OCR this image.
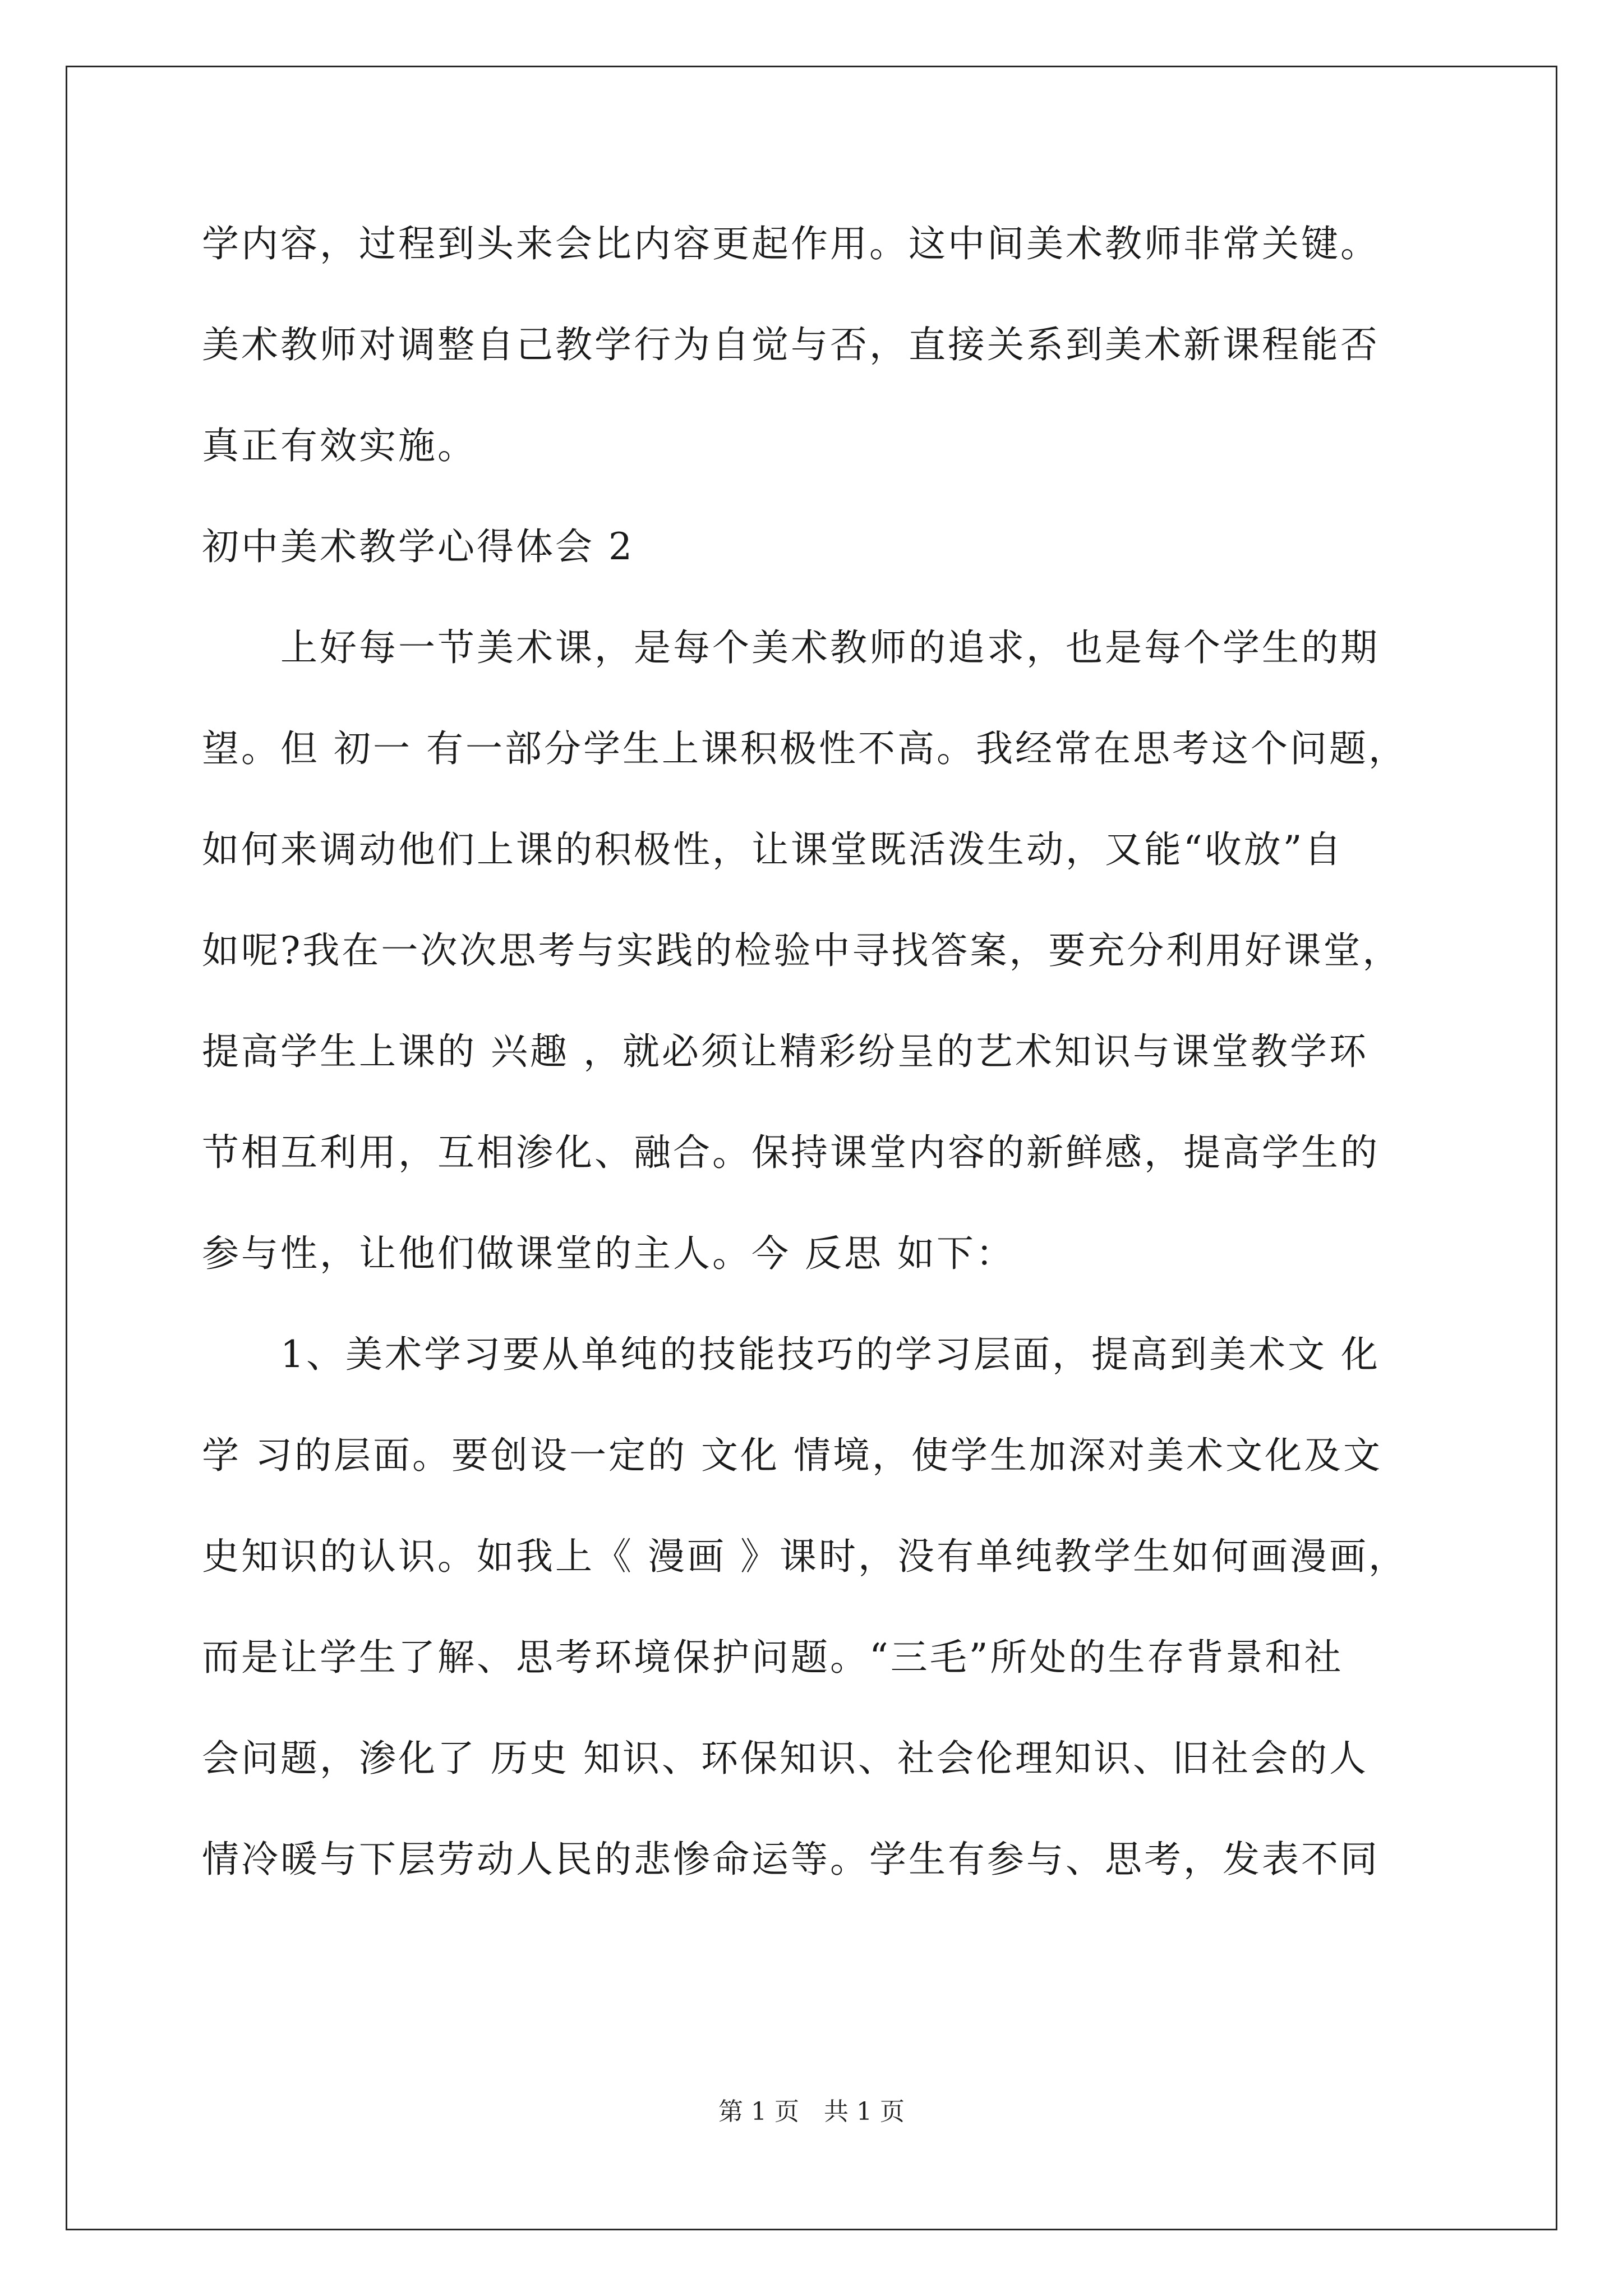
学内容，过程到头来会比内容更起作用。这中间美术教师非常关键。
美术教师对调整自己教学行为自觉与否，直接关系到美术新课程能否
真正有效实施。
初中美术教学心得体会 2
　　上好每一节美术课，是每个美术教师的追求，也是每个学生的期
望。但 初一 有一部分学生上课积极性不高。我经常在思考这个问题，
如何来调动他们上课的积极性，让课堂既活泼生动，又能“收放”自
如呢?我在一次次思考与实践的检验中寻找答案，要充分利用好课堂，
提高学生上课的 兴趣 ，就必须让精彩纷呈的艺术知识与课堂教学环
节相互利用，互相渗化、融合。保持课堂内容的新鲜感，提高学生的
参与性，让他们做课堂的主人。今 反思 如下：
　　1、美术学习要从单纯的技能技巧的学习层面，提高到美术文 化
学 习的层面。要创设一定的 文化 情境，使学生加深对美术文化及文
史知识的认识。如我上《 漫画 》课时，没有单纯教学生如何画漫画，
而是让学生了解、思考环境保护问题。“三毛”所处的生存背景和社
会问题，渗化了 历史 知识、环保知识、社会伦理知识、旧社会的人
情冷暖与下层劳动人民的悲惨命运等。学生有参与、思考，发表不同
第 1 页　共 1 页
